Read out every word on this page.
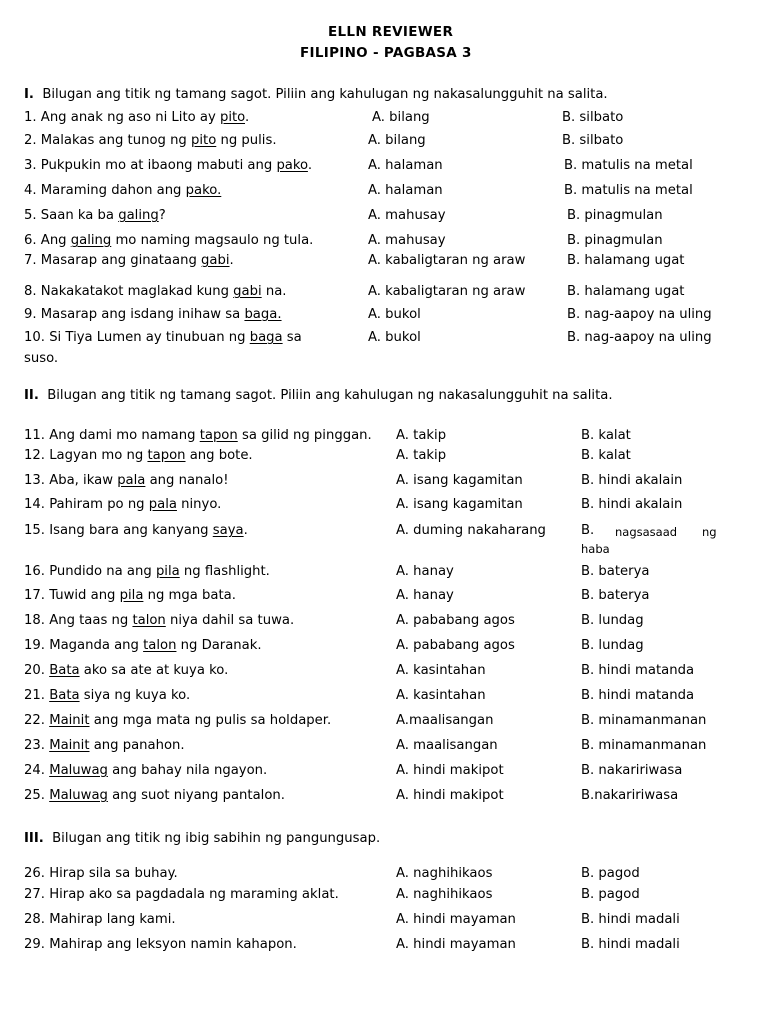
ELLN REVIEWER
FILIPINO - PAGBASA 3
I. Bilugan ang titik ng tamang sagot. Piliin ang kahulugan ng nakasalungguhit na salita.
II. Bilugan ang titik ng tamang sagot. Piliin ang kahulugan ng nakasalungguhit na salita.
III. Bilugan ang titik ng ibig sabihin ng pangungusap.
1. Ang anak ng aso ni Lito ay pito.	A. bilang	B. silbato
2. Malakas ang tunog ng pito ng pulis.	A. bilang	B. silbato
3. Pukpukin mo at ibaong mabuti ang pako.	A. halaman	B. matulis na metal
4. Maraming dahon ang pako.	A. halaman	B. matulis na metal
5. Saan ka ba galing?	A. mahusay	B. pinagmulan
6. Ang galing mo naming magsaulo ng tula.	A. mahusay	B. pinagmulan
7. Masarap ang ginataang gabi.	A. kabaligtaran ng araw	B. halamang ugat
8. Nakakatakot maglakad kung gabi na.	A. kabaligtaran ng araw	B. halamang ugat
9. Masarap ang isdang inihaw sa baga.	A. bukol	B. nag-aapoy na uling
10. Si Tiya Lumen ay tinubuan ng baga sa
suso.
A. bukol	B. nag-aapoy na uling
11. Ang dami mo namang tapon sa gilid ng pinggan. A. takip	B. kalat
12. Lagyan mo ng tapon ang bote.	A. takip	B. kalat
13. Aba, ikaw pala ang nanalo!	A. isang kagamitan	B. hindi akalain
14. Pahiram po ng pala ninyo.	A. isang kagamitan	B. hindi akalain
15. Isang bara ang kanyang saya.	A. duming nakaharang	B. nagsasaad ng
haba
16. Pundido na ang pila ng flashlight.	A. hanay	B. baterya
17. Tuwid ang pila ng mga bata.	A. hanay	B. baterya
18. Ang taas ng talon niya dahil sa tuwa.	A. pababang agos	B. lundag
19. Maganda ang talon ng Daranak.	A. pababang agos	B. lundag
20. Bata ako sa ate at kuya ko.	A. kasintahan	B. hindi matanda
21. Bata siya ng kuya ko.	A. kasintahan	B. hindi matanda
22. Mainit ang mga mata ng pulis sa holdaper.	A.maalisangan	B. minamanmanan
23. Mainit ang panahon.	A. maalisangan	B. minamanmanan
24. Maluwag ang bahay nila ngayon.	A. hindi makipot	B. nakaririwasa
25. Maluwag ang suot niyang pantalon.	A. hindi makipot	B.nakaririwasa
26. Hirap sila sa buhay.	A. naghihikaos	B. pagod
27. Hirap ako sa pagdadala ng maraming aklat.	A. naghihikaos	B. pagod
28. Mahirap lang kami.	A. hindi mayaman	B. hindi madali
29. Mahirap ang leksyon namin kahapon.	A. hindi mayaman	B. hindi madali
